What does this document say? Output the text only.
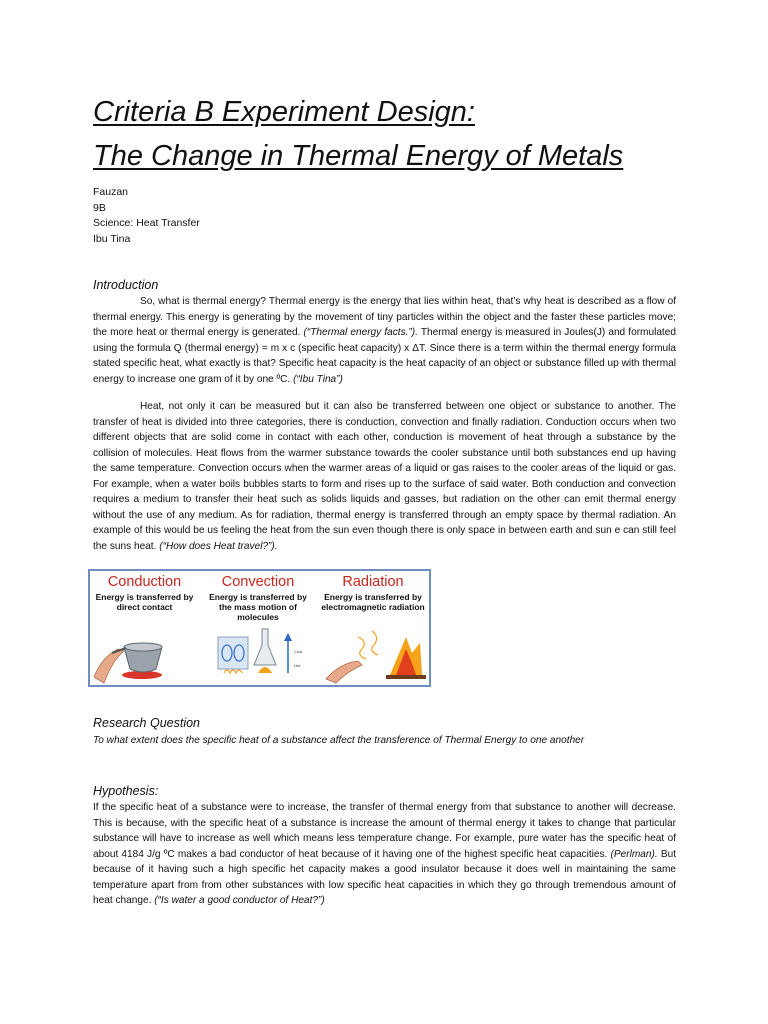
Criteria B Experiment Design:
The Change in Thermal Energy of Metals
Fauzan
9B
Science: Heat Transfer
Ibu Tina
Introduction

So, what is thermal energy? Thermal energy is the energy that lies within heat, that’s why heat is described as a flow of thermal energy. This energy is generating by the movement of tiny particles within the object and the faster these particles move; the more heat or thermal energy is generated. (“Thermal energy facts.”). Thermal energy is measured in Joules(J) and formulated using the formula Q (thermal energy) = m x c (specific heat capacity) x ΔT. Since there is a term within the thermal energy formula stated specific heat, what exactly is that? Specific heat capacity is the heat capacity of an object or substance filled up with thermal energy to increase one gram of it by one ºC. (“Ibu Tina”)

Heat, not only it can be measured but it can also be transferred between one object or substance to another. The transfer of heat is divided into three categories, there is conduction, convection and finally radiation. Conduction occurs when two different objects that are solid come in contact with each other, conduction is movement of heat through a substance by the collision of molecules. Heat flows from the warmer substance towards the cooler substance until both substances end up having the same temperature. Convection occurs when the warmer areas of a liquid or gas raises to the cooler areas of the liquid or gas. For example, when a water boils bubbles starts to form and rises up to the surface of said water. Both conduction and convection requires a medium to transfer their heat such as solids liquids and gasses, but radiation on the other can emit thermal energy without the use of any medium. As for radiation, thermal energy is transferred through an empty space by thermal radiation. An example of this would be us feeling the heat from the sun even though there is only space in between earth and sun e can still feel the suns heat. (“How does Heat travel?”).

Research Question
To what extent does the specific heat of a substance affect the transference of Thermal Energy to one another
Hypothesis:

If the specific heat of a substance were to increase, the transfer of thermal energy from that substance to another will decrease. This is because, with the specific heat of a substance is increase the amount of thermal energy it takes to change that particular substance will have to increase as well which means less temperature change. For example, pure water has the specific heat of about 4184 J/g ºC makes a bad conductor of heat because of it having one of the highest specific heat capacities. (Perlman). But because of it having such a high specific het capacity makes a good insulator because it does well in maintaining the same temperature apart from from other substances with low specific heat capacities in which they go through tremendous amount of heat change. (“Is water a good conductor of Heat?”)

Conduction
Energy is transferred by direct contact
Convection
Energy is transferred by the mass motion of molecules
Radiation
Energy is transferred by electromagnetic radiation
Cool
Hot
